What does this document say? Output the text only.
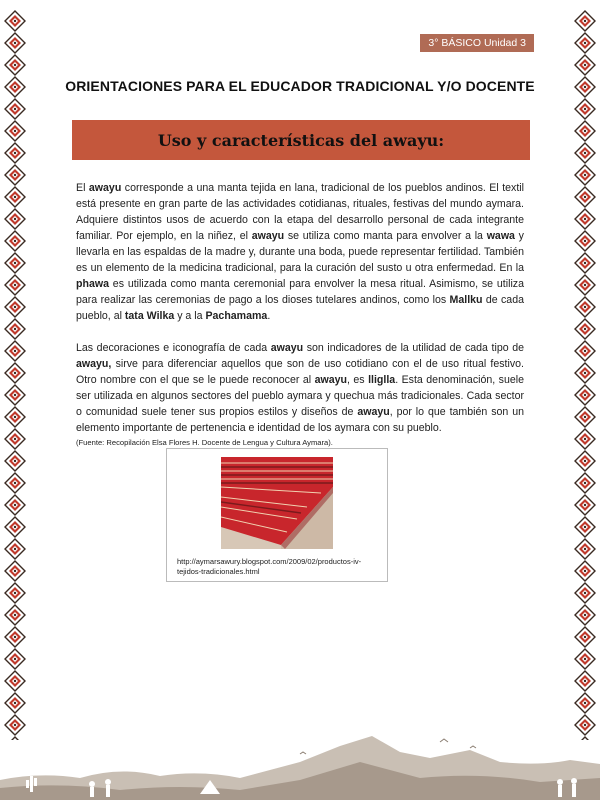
3° BÁSICO Unidad 3
ORIENTACIONES PARA EL EDUCADOR TRADICIONAL Y/O DOCENTE
Uso y características del awayu:

El awayu corresponde a una manta tejida en lana, tradicional de los pueblos andinos. El textil está presente en gran parte de las actividades cotidianas, rituales, festivas del mundo aymara. Adquiere distintos usos de acuerdo con la etapa del desarrollo personal de cada integrante familiar. Por ejemplo, en la niñez, el awayu se utiliza como manta para envolver a la wawa y llevarla en las espaldas de la madre y, durante una boda, puede representar fertilidad. También es un elemento de la medicina tradicional, para la curación del susto u otra enfermedad. En la phawa es utilizada como manta ceremonial para envolver la mesa ritual. Asimismo, se utiliza para realizar las ceremonias de pago a los dioses tutelares andinos, como los Mallku de cada pueblo, al tata Wilka y a la Pachamama.

Las decoraciones e iconografía de cada awayu son indicadores de la utilidad de cada tipo de awayu, sirve para diferenciar aquellos que son de uso cotidiano con el de uso ritual festivo. Otro nombre con el que se le puede reconocer al awayu, es lliglla. Esta denominación, suele ser utilizada en algunos sectores del pueblo aymara y quechua más tradicionales. Cada sector o comunidad suele tener sus propios estilos y diseños de awayu, por lo que también son un elemento importante de pertenencia e identidad de los aymara con su pueblo.

(Fuente: Recopilación Elsa Flores H. Docente de Lengua y Cultura Aymara).

http://aymarsawury.blogspot.com/2009/02/productos-iv-tejidos-tradicionales.html
